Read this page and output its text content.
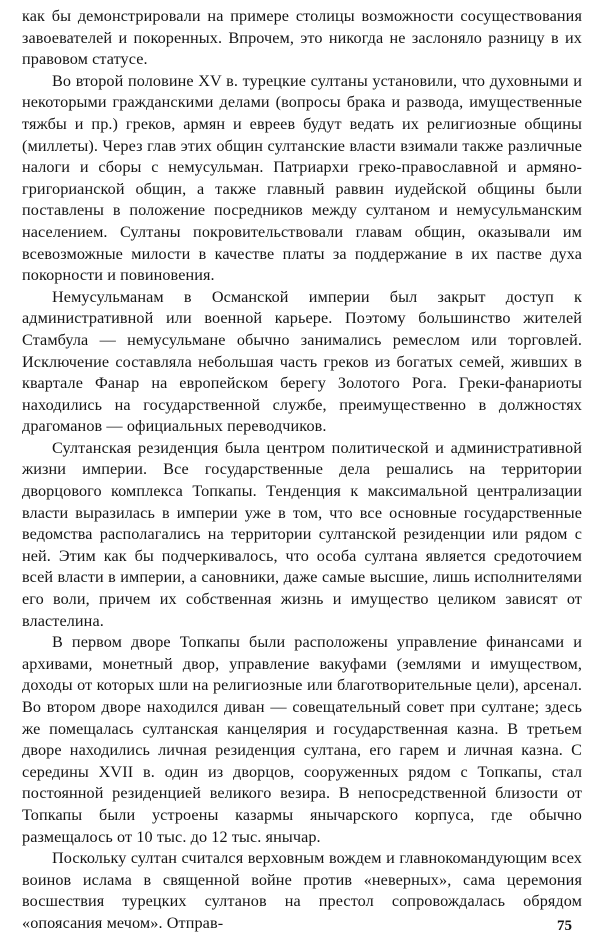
как бы демонстрировали на примере столицы возможности сосуществования завоевателей и покоренных. Впрочем, это никогда не заслоняло разницу в их правовом статусе.

Во второй половине XV в. турецкие султаны установили, что духовными и некоторыми гражданскими делами (вопросы брака и развода, имущественные тяжбы и пр.) греков, армян и евреев будут ведать их религиозные общины (миллеты). Через глав этих общин султанские власти взимали также различные налоги и сборы с немусульман. Патриархи греко-православной и армяно-григорианской общин, а также главный раввин иудейской общины были поставлены в положение посредников между султаном и немусульманским населением. Султаны покровительствовали главам общин, оказывали им всевозможные милости в качестве платы за поддержание в их пастве духа покорности и повиновения.

Немусульманам в Османской империи был закрыт доступ к административной или военной карьере. Поэтому большинство жителей Стамбула — немусульмане обычно занимались ремеслом или торговлей. Исключение составляла небольшая часть греков из богатых семей, живших в квартале Фанар на европейском берегу Золотого Рога. Греки-фанариоты находились на государственной службе, преимущественно в должностях драгоманов — официальных переводчиков.

Султанская резиденция была центром политической и административной жизни империи. Все государственные дела решались на территории дворцового комплекса Топкапы. Тенденция к максимальной централизации власти выразилась в империи уже в том, что все основные государственные ведомства располагались на территории султанской резиденции или рядом с ней. Этим как бы подчеркивалось, что особа султана является средоточием всей власти в империи, а сановники, даже самые высшие, лишь исполнителями его воли, причем их собственная жизнь и имущество целиком зависят от властелина.

В первом дворе Топкапы были расположены управление финансами и архивами, монетный двор, управление вакуфами (землями и имуществом, доходы от которых шли на религиозные или благотворительные цели), арсенал. Во втором дворе находился диван — совещательный совет при султане; здесь же помещалась султанская канцелярия и государственная казна. В третьем дворе находились личная резиденция султана, его гарем и личная казна. С середины XVII в. один из дворцов, сооруженных рядом с Топкапы, стал постоянной резиденцией великого везира. В непосредственной близости от Топкапы были устроены казармы янычарского корпуса, где обычно размещалось от 10 тыс. до 12 тыс. янычар.

Поскольку султан считался верховным вождем и главнокомандующим всех воинов ислама в священной войне против «неверных», сама церемония восшествия турецких султанов на престол сопровождалась обрядом «опоясания мечом». Отправ-	75
